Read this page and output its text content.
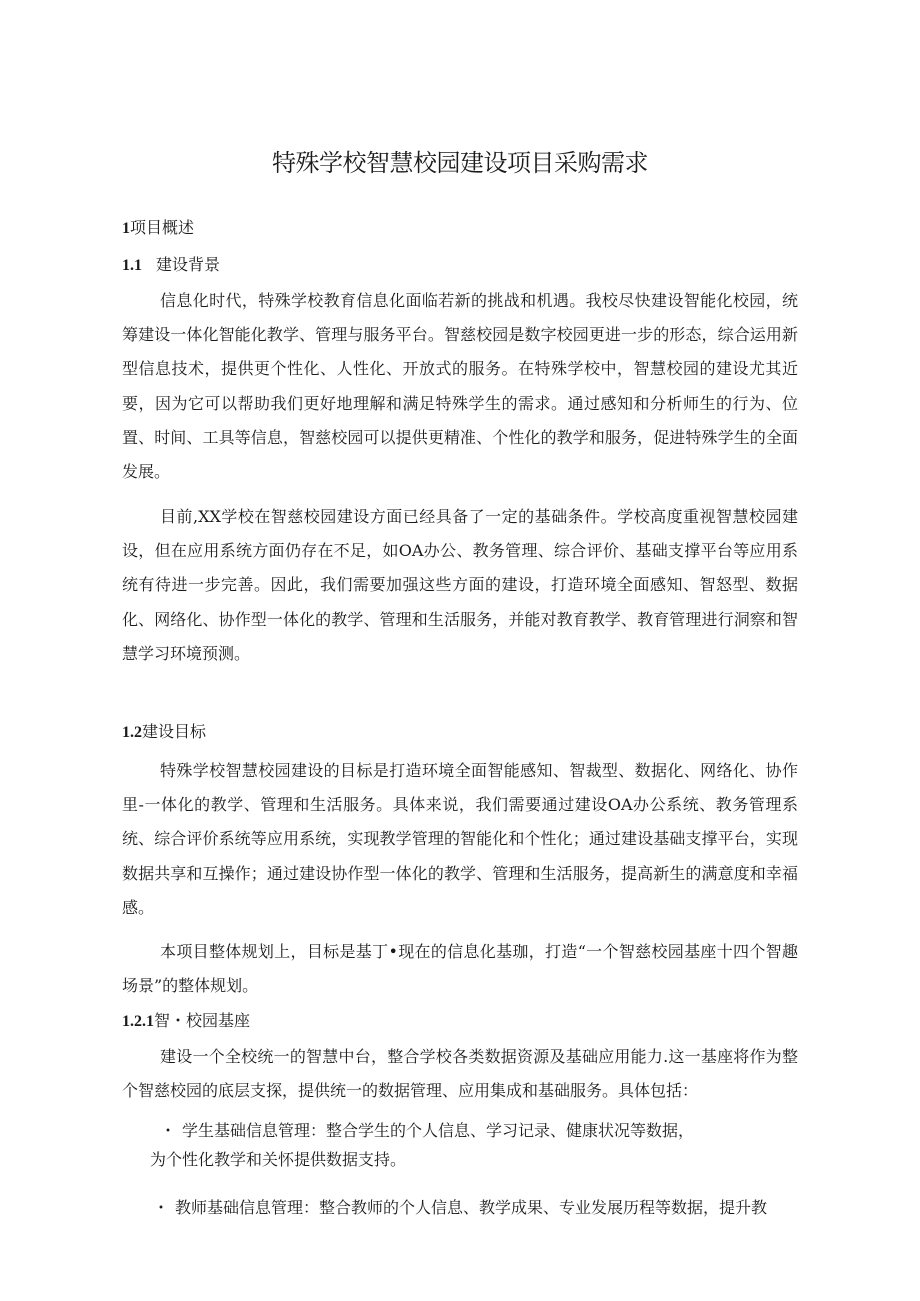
特殊学校智慧校园建设项目采购需求

1项目概述

1.1 建设背景

信息化时代，特殊学校教育信息化面临若新的挑战和机遇。我校尽快建设智能化校园，统筹建设一体化智能化教学、管理与服务平台。智慈校园是数字校园更进一步的形态，综合运用新型信息技术，提供更个性化、人性化、开放式的服务。在特殊学校中，智慧校园的建设尤其近要，因为它可以帮助我们更好地理解和满足特殊学生的需求。通过感知和分析师生的行为、位置、时间、工具等信息，智慈校园可以提供更精准、个性化的教学和服务，促进特殊学生的全面发展。

目前,XX学校在智慈校园建设方面已经具备了一定的基础条件。学校高度重视智慧校园建设，但在应用系统方面仍存在不足，如OA办公、教务管理、综合评价、基础支撑平台等应用系统有待进一步完善。因此，我们需要加强这些方面的建设，打造环境全面感知、智怒型、数据化、网络化、协作型一体化的教学、管理和生活服务，并能对教育教学、教育管理进行洞察和智慧学习环境预测。

1.2建设目标

特殊学校智慧校园建设的目标是打造环境全面智能感知、智裁型、数据化、网络化、协作里-一体化的教学、管理和生活服务。具体来说，我们需要通过建设OA办公系统、教务管理系统、综合评价系统等应用系统，实现教学管理的智能化和个性化；通过建设基础支撑平台，实现数据共享和互操作；通过建设协作型一体化的教学、管理和生活服务，提高新生的满意度和幸福感。

本项目整体规划上，目标是基丁•现在的信息化基珈，打造“一个智慈校园基座十四个智趣场景”的整体规划。

1.2.1智・校园基座

建设一个全校统一的智慧中台，整合学校各类数据资源及基础应用能力.这一基座将作为整个智慈校园的底层支探，提供统一的数据管理、应用集成和基础服务。具体包括：

・ 学生基础信息管理：整合学生的个人信息、学习记录、健康状况等数据，

为个性化教学和关怀提供数据支持。

・ 教师基础信息管理：整合教师的个人信息、教学成果、专业发展历程等数据，提升教
